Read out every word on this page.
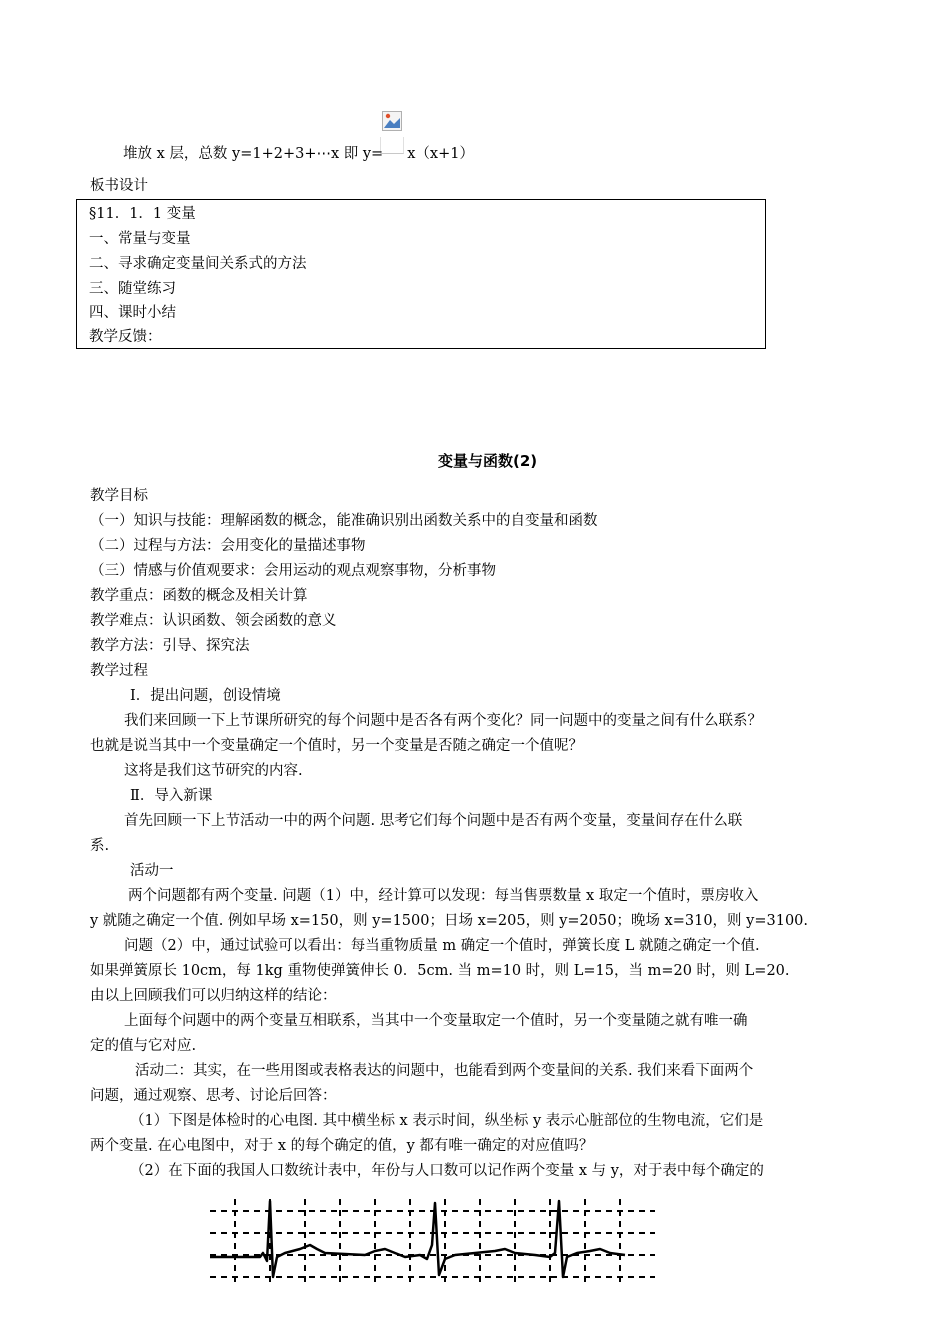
堆放 x 层，总数 y=1+2+3+⋯x 即 y= x（x+1）
板书设计
§11．1．1 变量
一、常量与变量
二、寻求确定变量间关系式的方法
三、随堂练习
四、课时小结
教学反馈：
变量与函数(2)
教学目标
（一）知识与技能：理解函数的概念，能准确识别出函数关系中的自变量和函数
（二）过程与方法：会用变化的量描述事物
（三）情感与价值观要求：会用运动的观点观察事物，分析事物
教学重点：函数的概念及相关计算
教学难点：认识函数、领会函数的意义
教学方法：引导、探究法
教学过程
Ⅰ．提出问题，创设情境
我们来回顾一下上节课所研究的每个问题中是否各有两个变化？同一问题中的变量之间有什么联系？
也就是说当其中一个变量确定一个值时，另一个变量是否随之确定一个值呢？
这将是我们这节研究的内容.
Ⅱ．导入新课
首先回顾一下上节活动一中的两个问题. 思考它们每个问题中是否有两个变量，变量间存在什么联
系.
活动一
两个问题都有两个变量. 问题（1）中，经计算可以发现：每当售票数量 x 取定一个值时，票房收入
y 就随之确定一个值. 例如早场 x=150，则 y=1500；日场 x=205，则 y=2050；晚场 x=310，则 y=3100.
问题（2）中，通过试验可以看出：每当重物质量 m 确定一个值时，弹簧长度 L 就随之确定一个值.
如果弹簧原长 10cm，每 1kg 重物使弹簧伸长 0．5cm. 当 m=10 时，则 L=15，当 m=20 时，则 L=20.
由以上回顾我们可以归纳这样的结论：
上面每个问题中的两个变量互相联系，当其中一个变量取定一个值时，另一个变量随之就有唯一确
定的值与它对应.
活动二：其实，在一些用图或表格表达的问题中，也能看到两个变量间的关系. 我们来看下面两个
问题，通过观察、思考、讨论后回答：
（1）下图是体检时的心电图. 其中横坐标 x 表示时间，纵坐标 y 表示心脏部位的生物电流，它们是
两个变量. 在心电图中，对于 x 的每个确定的值，y 都有唯一确定的对应值吗？
（2）在下面的我国人口数统计表中，年份与人口数可以记作两个变量 x 与 y，对于表中每个确定的
